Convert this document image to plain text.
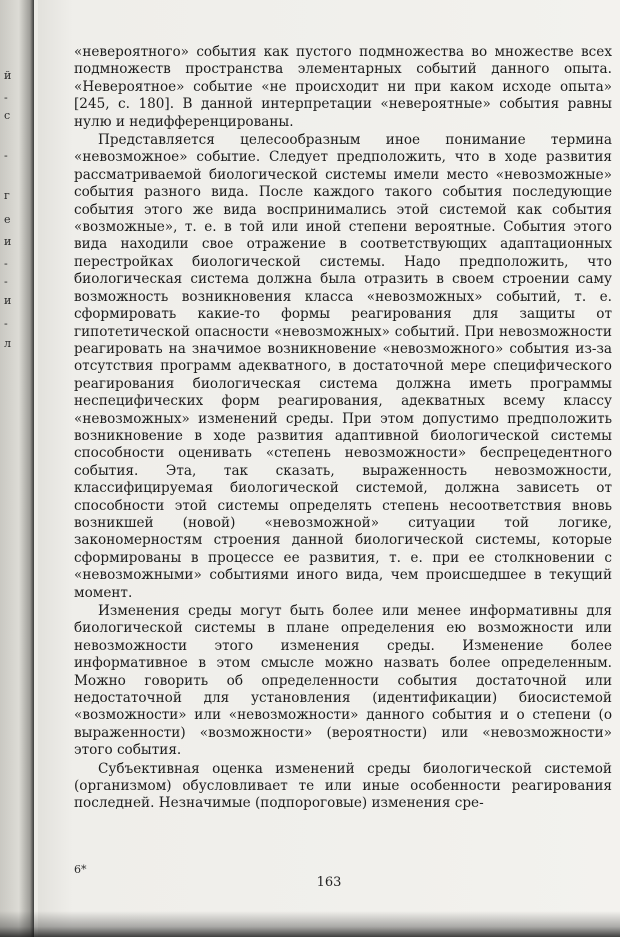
й
-
с
-
г
е
и
-
-
и
-
л

«невероятного» события как пустого подмножества во множестве всех подмножеств пространства элементарных событий данного опыта. «Невероятное» событие «не происходит ни при каком исходе опыта» [245, с. 180]. В данной интерпретации «невероятные» события равны нулю и недифференцированы.

Представляется целесообразным иное понимание термина «невозможное» событие. Следует предположить, что в ходе развития рассматриваемой биологической системы имели место «невозможные» события разного вида. После каждого такого события последующие события этого же вида воспринимались этой системой как события «возможные», т. е. в той или иной степени вероятные. События этого вида находили свое отражение в соответствующих адаптационных перестройках биологической системы. Надо предположить, что биологическая система должна была отразить в своем строении саму возможность возникновения класса «невозможных» событий, т. е. сформировать какие-то формы реагирования для защиты от гипотетической опасности «невозможных» событий. При невозможности реагировать на значимое возникновение «невозможного» события из-за отсутствия программ адекватного, в достаточной мере специфического реагирования биологическая система должна иметь программы неспецифических форм реагирования, адекватных всему классу «невозможных» изменений среды. При этом допустимо предположить возникновение в ходе развития адаптивной биологической системы способности оценивать «степень невозможности» беспрецедентного события. Эта, так сказать, выраженность невозможности, классифицируемая биологической системой, должна зависеть от способности этой системы определять степень несоответствия вновь возникшей (новой) «невозможной» ситуации той логике, закономерностям строения данной биологической системы, которые сформированы в процессе ее развития, т. е. при ее столкновении с «невозможными» событиями иного вида, чем происшедшее в текущий момент.

Изменения среды могут быть более или менее информативны для биологической системы в плане определения ею возможности или невозможности этого изменения среды. Изменение более информативное в этом смысле можно назвать более определенным. Можно говорить об определенности события достаточной или недостаточной для установления (идентификации) биосистемой «возможности» или «невозможности» данного события и о степени (о выраженности) «возможности» (вероятности) или «невозможности» этого события.

Субъективная оценка изменений среды биологической системой (организмом) обусловливает те или иные особенности реагирования последней. Незначимые (подпороговые) изменения сре-

6*
163
